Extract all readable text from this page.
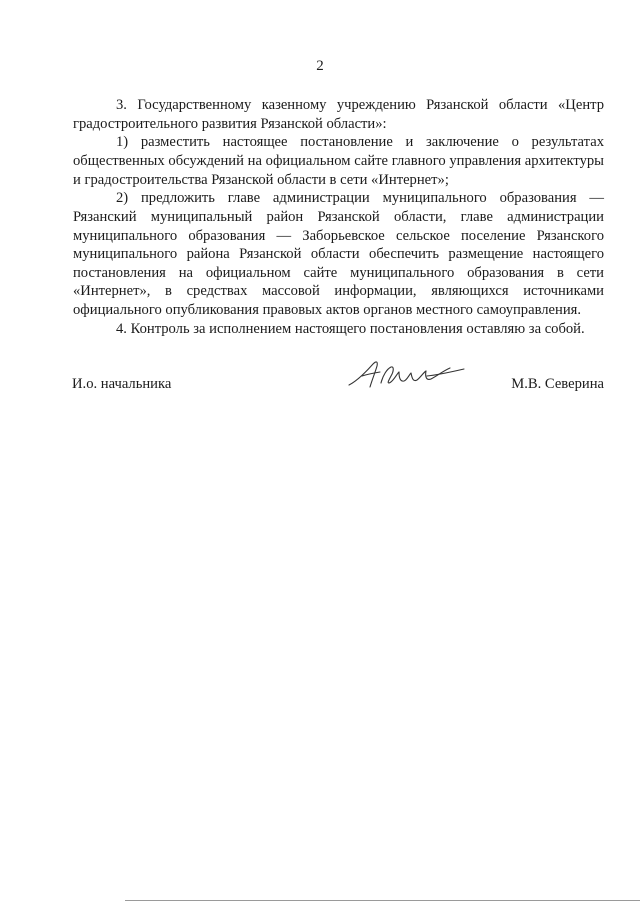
2

3. Государственному казенному учреждению Рязанской области «Центр градостроительного развития Рязанской области»:

1) разместить настоящее постановление и заключение о результатах общественных обсуждений на официальном сайте главного управления архитектуры и градостроительства Рязанской области в сети «Интернет»;

2) предложить главе администрации муниципального образования — Рязанский муниципальный район Рязанской области, главе администрации муниципального образования — Заборьевское сельское поселение Рязанского муниципального района Рязанской области обеспечить размещение настоящего постановления на официальном сайте муниципального образования в сети «Интернет», в средствах массовой информации, являющихся источниками официального опубликования правовых актов органов местного самоуправления.

4. Контроль за исполнением настоящего постановления оставляю за собой.

И.о. начальника	М.В. Северина
